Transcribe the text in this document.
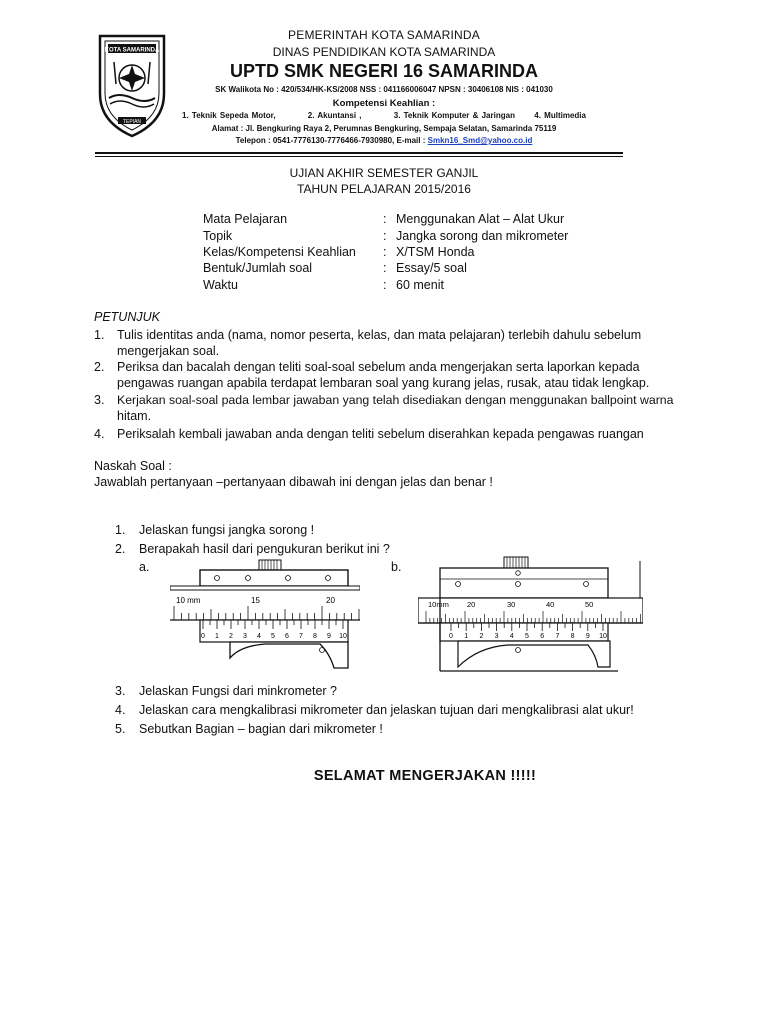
KOTA SAMARINDA
TEPIAN
PEMERINTAH KOTA SAMARINDA
DINAS PENDIDIKAN KOTA SAMARINDA
UPTD SMK NEGERI 16 SAMARINDA
SK Walikota No : 420/534/HK-KS/2008 NSS : 041166006047 NPSN : 30406108 NIS : 041030
Kompetensi Keahlian :
1. Teknik Sepeda Motor,          2. Akuntansi ,          3. Teknik Komputer & Jaringan      4. Multimedia
Alamat : Jl. Bengkuring Raya 2, Perumnas Bengkuring, Sempaja Selatan, Samarinda 75119
Telepon : 0541-7776130-7776466-7930980, E-mail : Smkn16_Smd@yahoo.co.id
UJIAN AKHIR SEMESTER GANJIL
TAHUN PELAJARAN 2015/2016
Mata Pelajaran	: Menggunakan Alat – Alat Ukur
Topik	: Jangka sorong dan mikrometer
Kelas/Kompetensi Keahlian : X/TSM Honda
Bentuk/Jumlah soal	: Essay/5 soal
Waktu	: 60 menit
PETUNJUK
1.	Tulis identitas anda (nama, nomor peserta, kelas, dan mata pelajaran) terlebih dahulu sebelum
mengerjakan soal.
2.	Periksa dan bacalah dengan teliti soal-soal sebelum anda mengerjakan serta laporkan kepada
pengawas ruangan apabila terdapat lembaran soal yang kurang jelas, rusak, atau tidak lengkap.
3.	Kerjakan soal-soal pada lembar jawaban yang telah disediakan dengan menggunakan ballpoint warna
hitam.
4.	Periksalah kembali jawaban anda dengan teliti sebelum diserahkan kepada pengawas ruangan
Naskah Soal :
Jawablah pertanyaan –pertanyaan dibawah ini dengan jelas dan benar !
1.	Jelaskan fungsi jangka sorong !
2.	Berapakah hasil dari pengukuran berikut ini ?
a.	b.
10 mm	15	20
0 1 2 3 4 5 6 7 8 9 10
10mm 20	30	40	50
0 1 2 3 4 5 6 7 8 9 10
3.	Jelaskan Fungsi dari minkrometer ?
4.	Jelaskan cara mengkalibrasi mikrometer dan jelaskan tujuan dari mengkalibrasi alat ukur!
5.	Sebutkan Bagian – bagian dari mikrometer !
SELAMAT MENGERJAKAN !!!!!
